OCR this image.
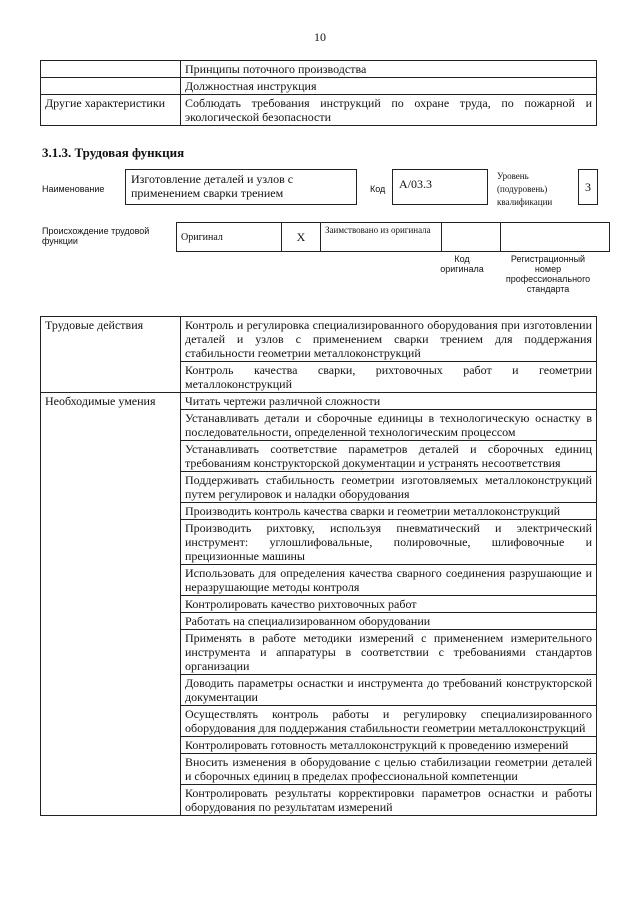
10
	Принципы поточного производства
	Должностная инструкция
Другие характеристики	Соблюдать требования инструкций по охране труда, по пожарной и экологической безопасности
3.1.3. Трудовая функция
Наименование
Изготовление деталей и узлов с применением сварки трением	Код	А/03.3
Уровень (подуровень) квалификации
3
Происхождение трудовой функции	Оригинал	X	Заимствовано из оригинала		
Код оригинала
Регистрационный номер профессионального стандарта
Трудовые действия	Контроль и регулировка специализированного оборудования при изготовлении деталей и узлов с применением сварки трением для поддержания стабильности геометрии металлоконструкций
	Контроль качества сварки, рихтовочных работ и геометрии металлоконструкций
Необходимые умения	Читать чертежи различной сложности
	Устанавливать детали и сборочные единицы в технологическую оснастку в последовательности, определенной технологическим процессом
	Устанавливать соответствие параметров деталей и сборочных единиц требованиям конструкторской документации и устранять несоответствия
	Поддерживать стабильность геометрии изготовляемых металлоконструкций путем регулировок и наладки оборудования
	Производить контроль качества сварки и геометрии металлоконструкций
	Производить рихтовку, используя пневматический и электрический инструмент: углошлифовальные, полировочные, шлифовочные и прецизионные машины
	Использовать для определения качества сварного соединения разрушающие и неразрушающие методы контроля
	Контролировать качество рихтовочных работ
	Работать на специализированном оборудовании
	Применять в работе методики измерений с применением измерительного инструмента и аппаратуры в соответствии с требованиями стандартов организации
	Доводить параметры оснастки и инструмента до требований конструкторской документации
	Осуществлять контроль работы и регулировку специализированного оборудования для поддержания стабильности геометрии металлоконструкций
	Контролировать готовность металлоконструкций к проведению измерений
	Вносить изменения в оборудование с целью стабилизации геометрии деталей и сборочных единиц в пределах профессиональной компетенции
	Контролировать результаты корректировки параметров оснастки и работы оборудования по результатам измерений
